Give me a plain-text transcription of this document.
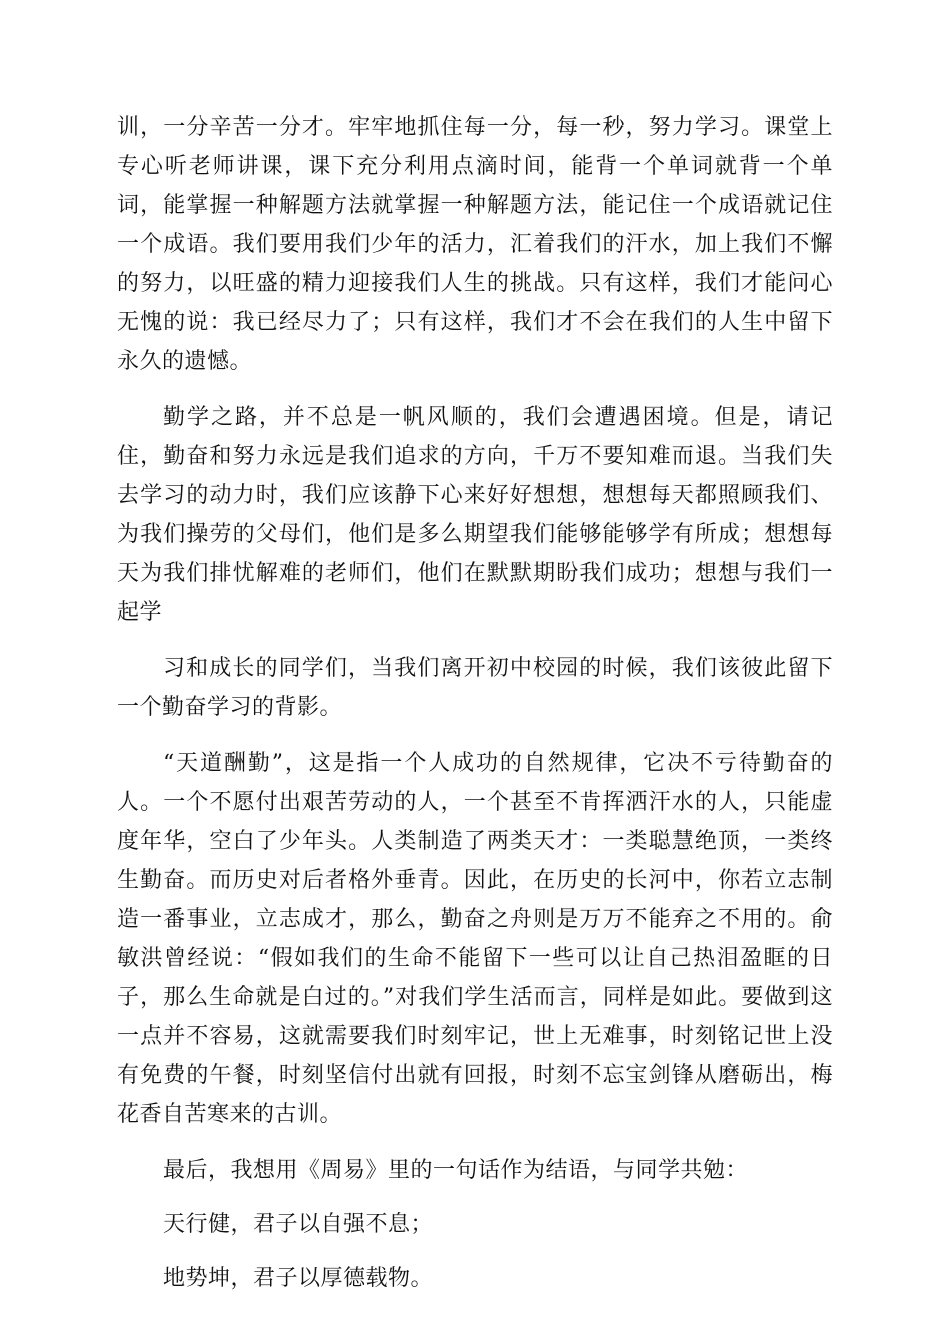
训，一分辛苦一分才。牢牢地抓住每一分，每一秒，努力学习。课堂上专心听老师讲课，课下充分利用点滴时间，能背一个单词就背一个单词，能掌握一种解题方法就掌握一种解题方法，能记住一个成语就记住一个成语。我们要用我们少年的活力，汇着我们的汗水，加上我们不懈的努力，以旺盛的精力迎接我们人生的挑战。只有这样，我们才能问心无愧的说：我已经尽力了；只有这样，我们才不会在我们的人生中留下永久的遗憾。

勤学之路，并不总是一帆风顺的，我们会遭遇困境。但是，请记住，勤奋和努力永远是我们追求的方向，千万不要知难而退。当我们失去学习的动力时，我们应该静下心来好好想想，想想每天都照顾我们、为我们操劳的父母们，他们是多么期望我们能够能够学有所成；想想每天为我们排忧解难的老师们，他们在默默期盼我们成功；想想与我们一起学

习和成长的同学们，当我们离开初中校园的时候，我们该彼此留下一个勤奋学习的背影。

“天道酬勤”，这是指一个人成功的自然规律，它决不亏待勤奋的人。一个不愿付出艰苦劳动的人，一个甚至不肯挥洒汗水的人，只能虚度年华，空白了少年头。人类制造了两类天才：一类聪慧绝顶，一类终生勤奋。而历史对后者格外垂青。因此，在历史的长河中，你若立志制造一番事业，立志成才，那么，勤奋之舟则是万万不能弃之不用的。俞敏洪曾经说：“假如我们的生命不能留下一些可以让自己热泪盈眶的日子，那么生命就是白过的。”对我们学生活而言，同样是如此。要做到这一点并不容易，这就需要我们时刻牢记，世上无难事，时刻铭记世上没有免费的午餐，时刻坚信付出就有回报，时刻不忘宝剑锋从磨砺出，梅花香自苦寒来的古训。

最后，我想用《周易》里的一句话作为结语，与同学共勉：

天行健，君子以自强不息；

地势坤，君子以厚德载物。
